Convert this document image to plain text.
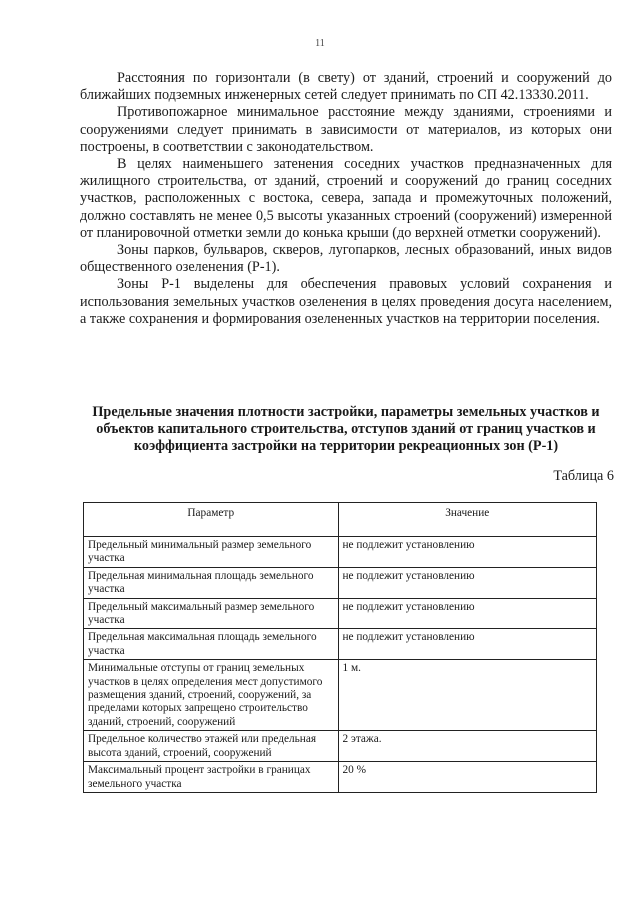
11

Расстояния по горизонтали (в свету) от зданий, строений и сооружений до ближайших подземных инженерных сетей следует принимать по СП 42.13330.2011.

Противопожарное минимальное расстояние между зданиями, строениями и сооружениями следует принимать в зависимости от материалов, из которых они построены, в соответствии с законодательством.

В целях наименьшего затенения соседних участков предназначенных для жилищного строительства, от зданий, строений и сооружений до границ соседних участков, расположенных с востока, севера, запада и промежуточных положений, должно составлять не менее 0,5 высоты указанных строений (сооружений) измеренной от планировочной отметки земли до конька крыши (до верхней отметки сооружений).

Зоны парков, бульваров, скверов, лугопарков, лесных образований, иных видов общественного озеленения (Р-1).

Зоны Р-1 выделены для обеспечения правовых условий сохранения и использования земельных участков озеленения в целях проведения досуга населением, а также сохранения и формирования озелененных участков на территории поселения.

Предельные значения плотности застройки, параметры земельных участков и объектов капитального строительства, отступов зданий от границ участков и коэффициента застройки на территории рекреационных зон (Р-1)

Таблица 6

Параметр	Значение
Предельный минимальный размер земельного участка	не подлежит установлению
Предельная минимальная площадь земельного участка	не подлежит установлению
Предельный максимальный размер земельного участка	не подлежит установлению
Предельная максимальная площадь земельного участка	не подлежит установлению
Минимальные отступы от границ земельных участков в целях определения мест допустимого размещения зданий, строений, сооружений, за пределами которых запрещено строительство зданий, строений, сооружений	1 м.
Предельное количество этажей или предельная высота зданий, строений, сооружений	2 этажа.
Максимальный процент застройки в границах земельного участка	20 %
